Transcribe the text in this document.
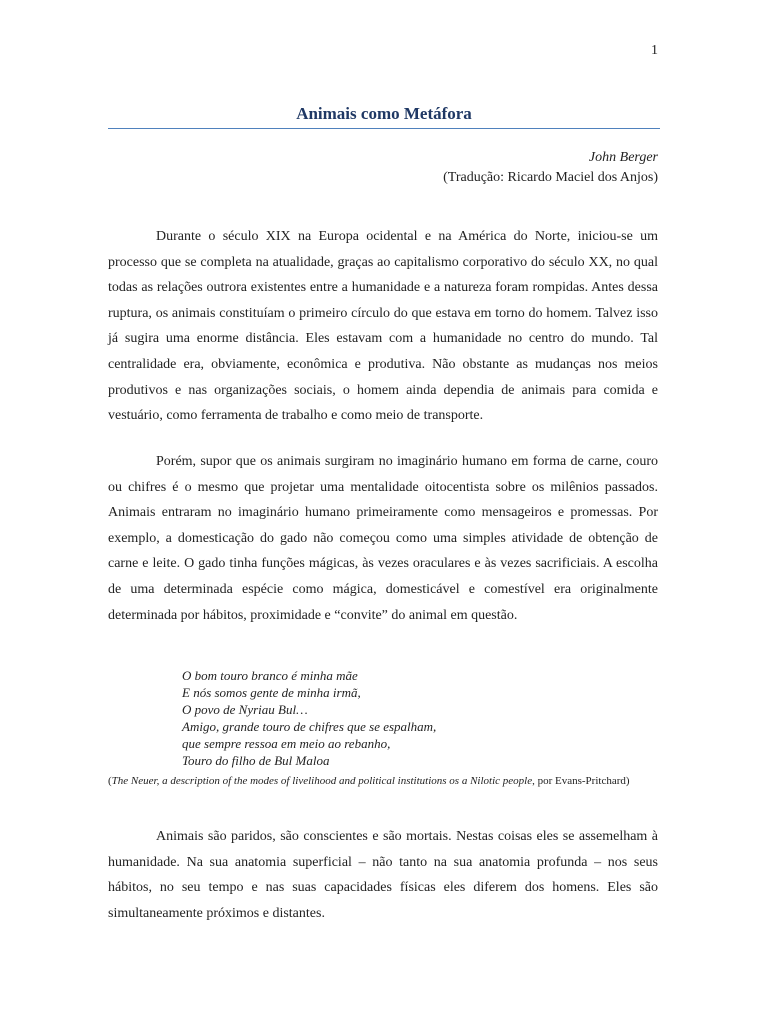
1
Animais como Metáfora
John Berger
(Tradução: Ricardo Maciel dos Anjos)

Durante o século XIX na Europa ocidental e na América do Norte, iniciou-se um processo que se completa na atualidade, graças ao capitalismo corporativo do século XX, no qual todas as relações outrora existentes entre a humanidade e a natureza foram rompidas. Antes dessa ruptura, os animais constituíam o primeiro círculo do que estava em torno do homem. Talvez isso já sugira uma enorme distância. Eles estavam com a humanidade no centro do mundo. Tal centralidade era, obviamente, econômica e produtiva. Não obstante as mudanças nos meios produtivos e nas organizações sociais, o homem ainda dependia de animais para comida e vestuário, como ferramenta de trabalho e como meio de transporte.

Porém, supor que os animais surgiram no imaginário humano em forma de carne, couro ou chifres é o mesmo que projetar uma mentalidade oitocentista sobre os milênios passados. Animais entraram no imaginário humano primeiramente como mensageiros e promessas. Por exemplo, a domesticação do gado não começou como uma simples atividade de obtenção de carne e leite. O gado tinha funções mágicas, às vezes oraculares e às vezes sacrificiais. A escolha de uma determinada espécie como mágica, domesticável e comestível era originalmente determinada por hábitos, proximidade e “convite” do animal em questão.

O bom touro branco é minha mãe
E nós somos gente de minha irmã,
O povo de Nyriau Bul…
Amigo, grande touro de chifres que se espalham,
que sempre ressoa em meio ao rebanho,
Touro do filho de Bul Maloa
(The Neuer, a description of the modes of livelihood and political institutions os a Nilotic people, por Evans-Pritchard)

Animais são paridos, são conscientes e são mortais. Nestas coisas eles se assemelham à humanidade. Na sua anatomia superficial – não tanto na sua anatomia profunda – nos seus hábitos, no seu tempo e nas suas capacidades físicas eles diferem dos homens. Eles são simultaneamente próximos e distantes.
